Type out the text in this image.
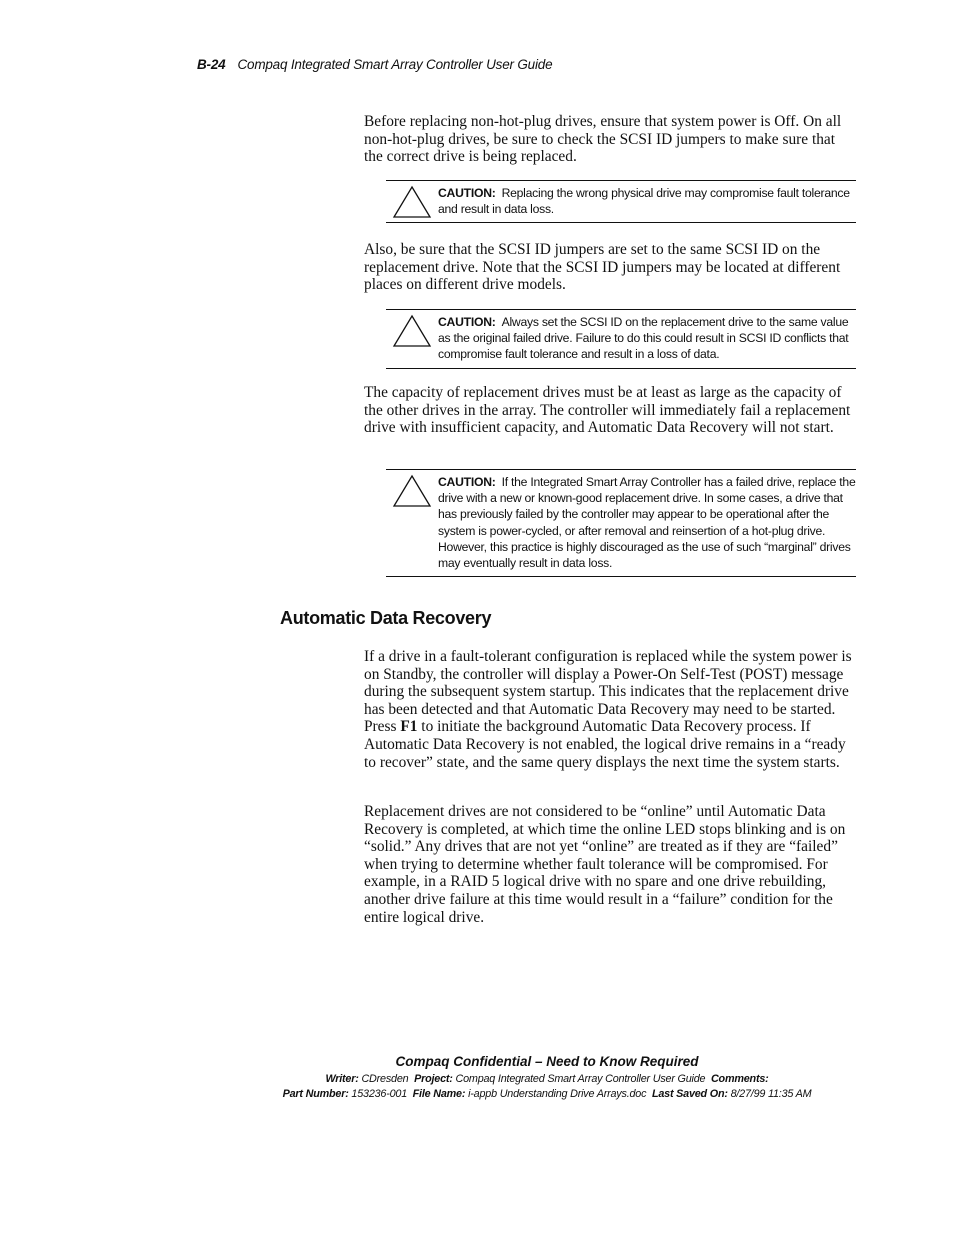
B-24 Compaq Integrated Smart Array Controller User Guide

Before replacing non-hot-plug drives, ensure that system power is Off. On all non-hot-plug drives, be sure to check the SCSI ID jumpers to make sure that the correct drive is being replaced.

CAUTION: Replacing the wrong physical drive may compromise fault tolerance and result in data loss.

Also, be sure that the SCSI ID jumpers are set to the same SCSI ID on the replacement drive. Note that the SCSI ID jumpers may be located at different places on different drive models.

CAUTION: Always set the SCSI ID on the replacement drive to the same value as the original failed drive. Failure to do this could result in SCSI ID conflicts that compromise fault tolerance and result in a loss of data.

The capacity of replacement drives must be at least as large as the capacity of the other drives in the array. The controller will immediately fail a replacement drive with insufficient capacity, and Automatic Data Recovery will not start.

CAUTION: If the Integrated Smart Array Controller has a failed drive, replace the drive with a new or known-good replacement drive. In some cases, a drive that has previously failed by the controller may appear to be operational after the system is power-cycled, or after removal and reinsertion of a hot-plug drive. However, this practice is highly discouraged as the use of such “marginal” drives may eventually result in data loss.
Automatic Data Recovery

If a drive in a fault-tolerant configuration is replaced while the system power is on Standby, the controller will display a Power-On Self-Test (POST) message during the subsequent system startup. This indicates that the replacement drive has been detected and that Automatic Data Recovery may need to be started. Press F1 to initiate the background Automatic Data Recovery process. If Automatic Data Recovery is not enabled, the logical drive remains in a “ready to recover” state, and the same query displays the next time the system starts.

Replacement drives are not considered to be “online” until Automatic Data Recovery is completed, at which time the online LED stops blinking and is on “solid.” Any drives that are not yet “online” are treated as if they are “failed” when trying to determine whether fault tolerance will be compromised. For example, in a RAID 5 logical drive with no spare and one drive rebuilding, another drive failure at this time would result in a “failure” condition for the entire logical drive.

Compaq Confidential – Need to Know Required
Writer: CDresden Project: Compaq Integrated Smart Array Controller User Guide Comments:
Part Number: 153236-001 File Name: i-appb Understanding Drive Arrays.doc Last Saved On: 8/27/99 11:35 AM
